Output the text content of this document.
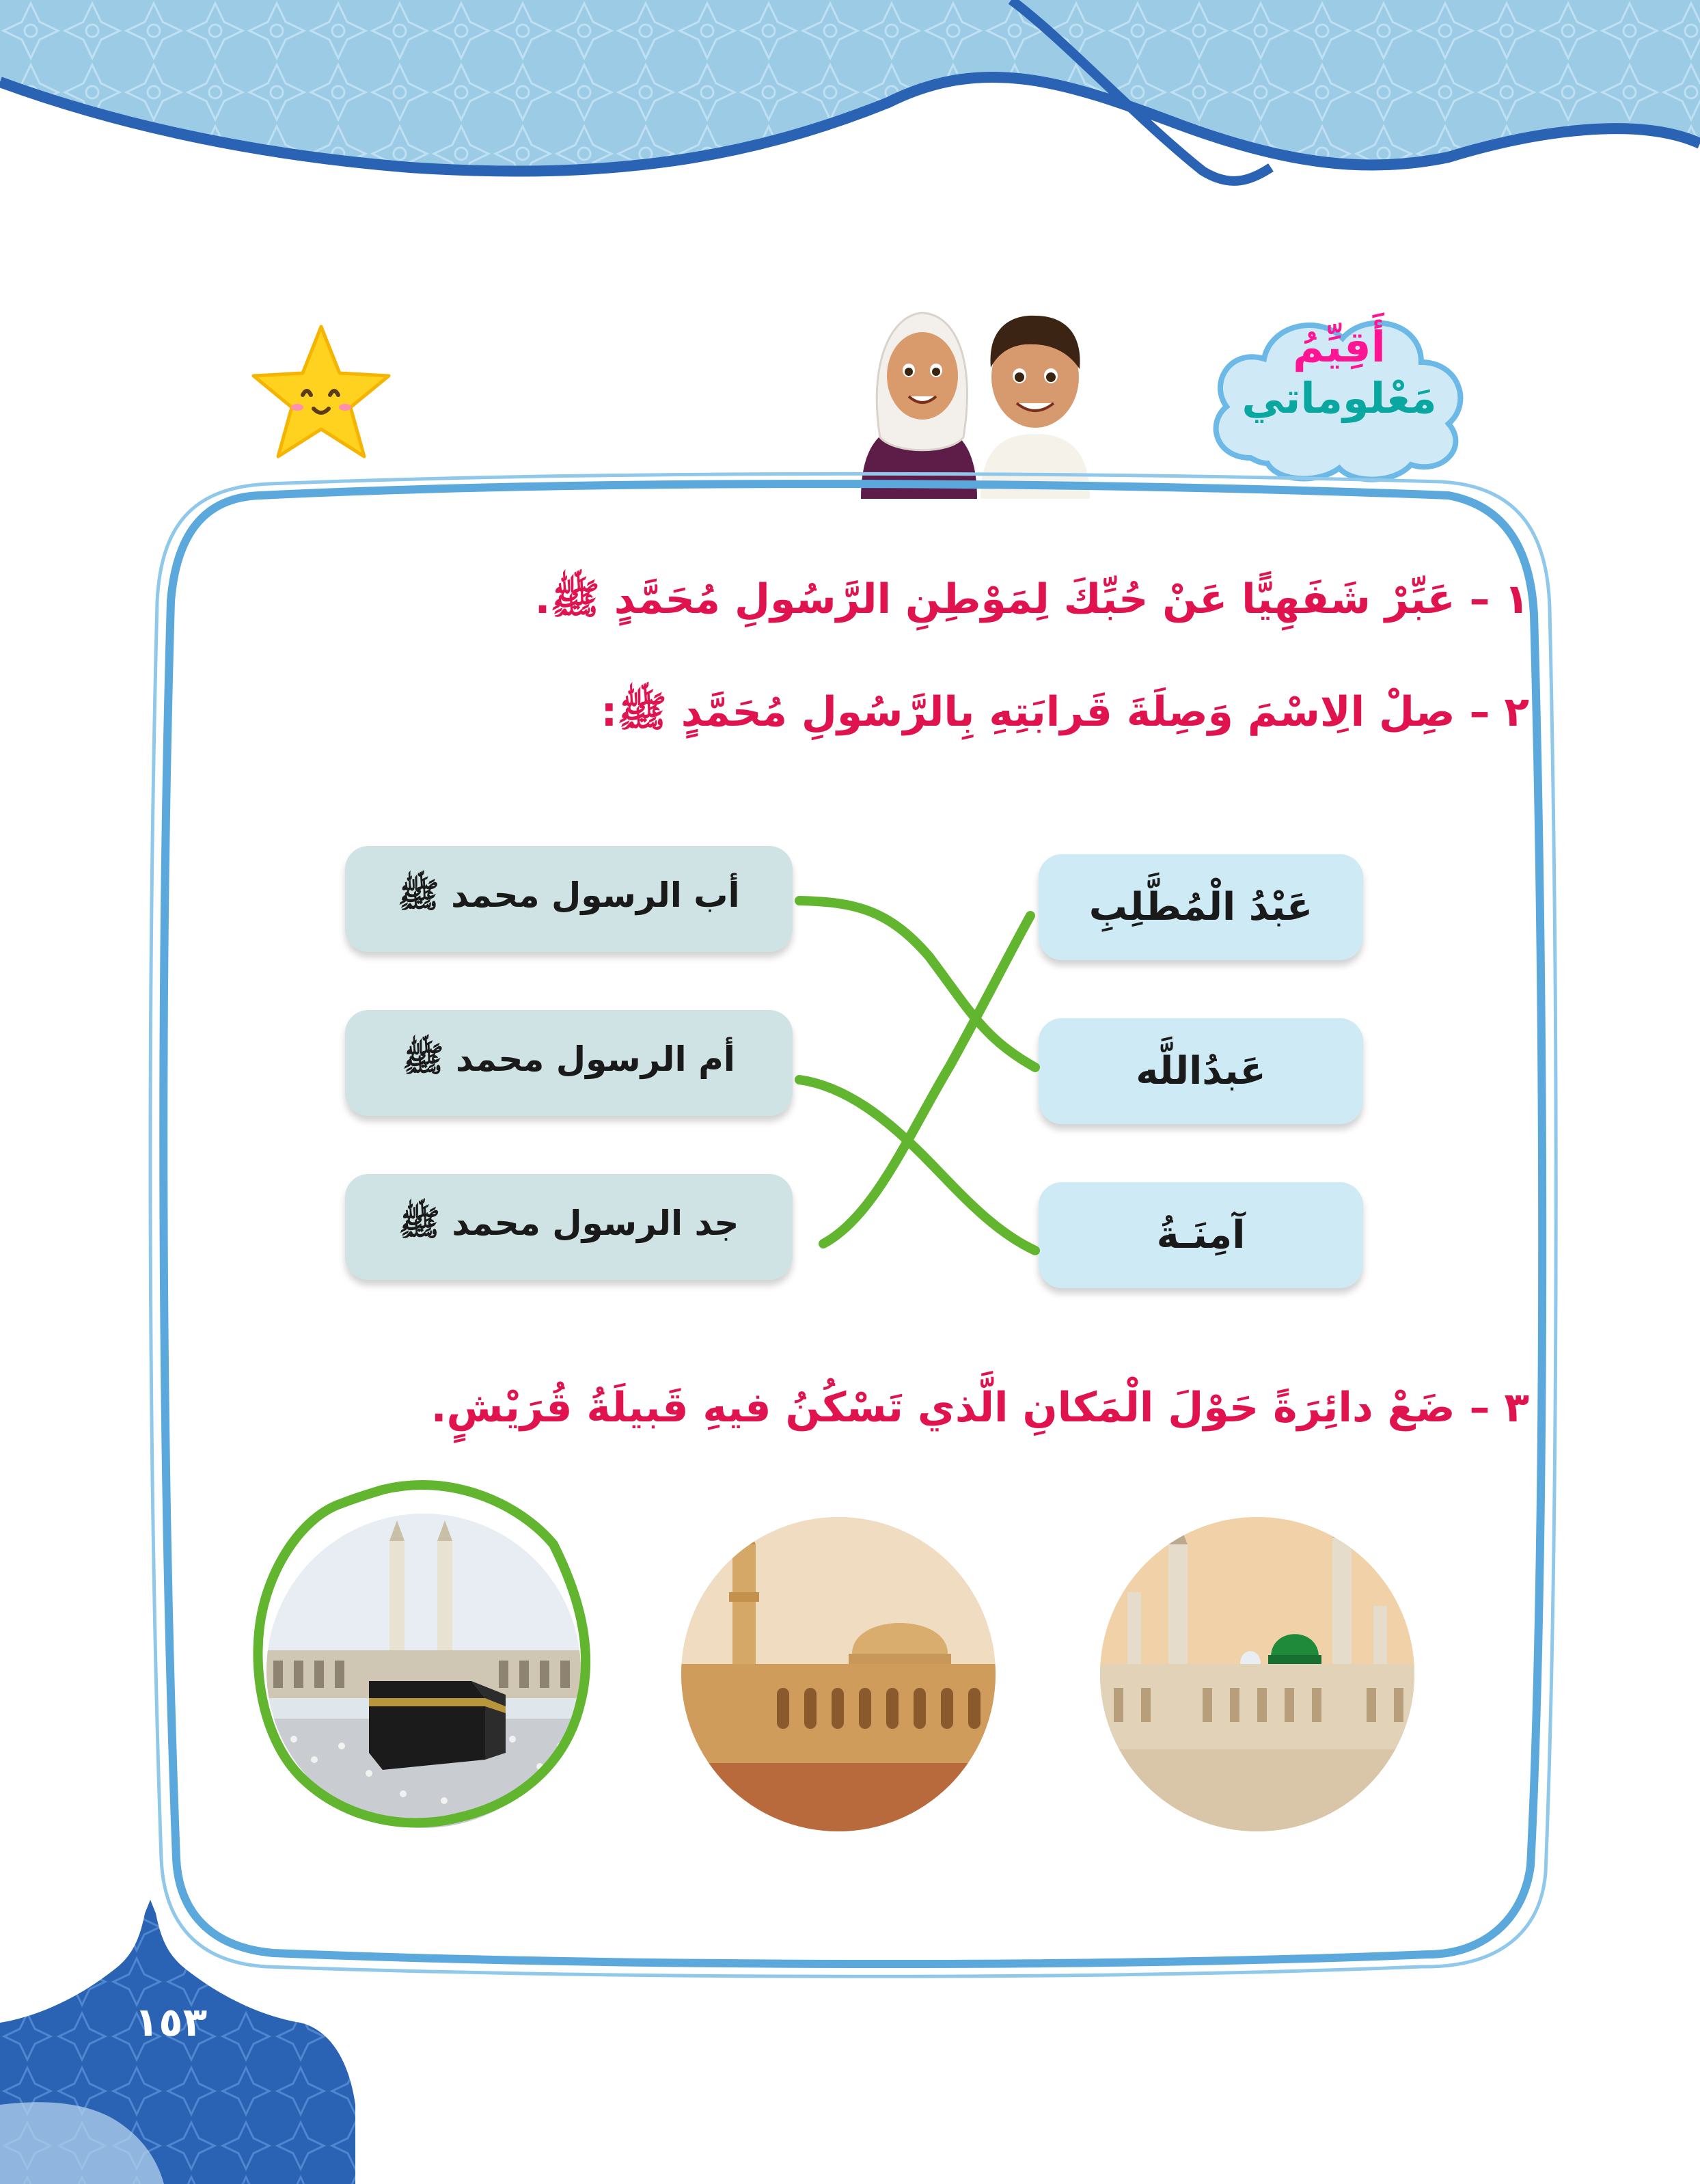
أَقِيِّمُ
مَعْلوماتي
١ – عَبِّرْ شَفَهِيًّا عَنْ حُبِّكَ لِمَوْطِنِ الرَّسُولِ مُحَمَّدٍ ﷺ.
٢ – صِلْ الِاسْمَ وَصِلَةَ قَرابَتِهِ بِالرَّسُولِ مُحَمَّدٍ ﷺ:
أب الرسول محمد ﷺ
أم الرسول محمد ﷺ
جد الرسول محمد ﷺ
عَبْدُ الْمُطَّلِبِ
عَبدُاللَّه
آمِنَـةُ
٣ – ضَعْ دائِرَةً حَوْلَ الْمَكانِ الَّذي تَسْكُنُ فيهِ قَبيلَةُ قُرَيْشٍ.
١٥٣
